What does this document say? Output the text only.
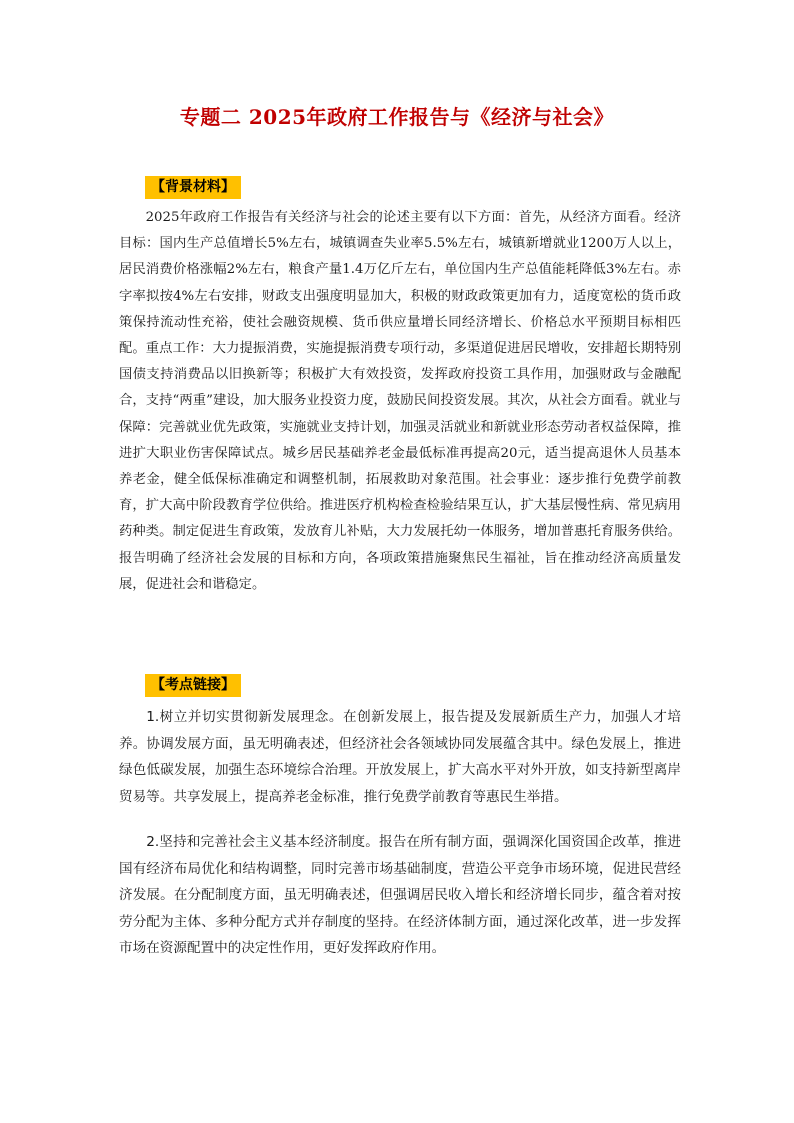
专题二 2025年政府工作报告与《经济与社会》
【背景材料】

2025年政府工作报告有关经济与社会的论述主要有以下方面：首先，从经济方面看。经济目标：国内生产总值增长5%左右，城镇调查失业率5.5%左右，城镇新增就业1200万人以上，居民消费价格涨幅2%左右，粮食产量1.4万亿斤左右，单位国内生产总值能耗降低3%左右。赤字率拟按4%左右安排，财政支出强度明显加大，积极的财政政策更加有力，适度宽松的货币政策保持流动性充裕，使社会融资规模、货币供应量增长同经济增长、价格总水平预期目标相匹配。重点工作：大力提振消费，实施提振消费专项行动，多渠道促进居民增收，安排超长期特别国债支持消费品以旧换新等；积极扩大有效投资，发挥政府投资工具作用，加强财政与金融配合，支持“两重”建设，加大服务业投资力度，鼓励民间投资发展。其次，从社会方面看。就业与保障：完善就业优先政策，实施就业支持计划，加强灵活就业和新就业形态劳动者权益保障，推进扩大职业伤害保障试点。城乡居民基础养老金最低标准再提高20元，适当提高退休人员基本养老金，健全低保标准确定和调整机制，拓展救助对象范围。社会事业：逐步推行免费学前教育，扩大高中阶段教育学位供给。推进医疗机构检查检验结果互认，扩大基层慢性病、常见病用药种类。制定促进生育政策，发放育儿补贴，大力发展托幼一体服务，增加普惠托育服务供给。报告明确了经济社会发展的目标和方向，各项政策措施聚焦民生福祉，旨在推动经济高质量发展，促进社会和谐稳定。

【考点链接】

1.树立并切实贯彻新发展理念。在创新发展上，报告提及发展新质生产力，加强人才培养。协调发展方面，虽无明确表述，但经济社会各领域协同发展蕴含其中。绿色发展上，推进绿色低碳发展，加强生态环境综合治理。开放发展上，扩大高水平对外开放，如支持新型离岸贸易等。共享发展上，提高养老金标准，推行免费学前教育等惠民生举措。

2.坚持和完善社会主义基本经济制度。报告在所有制方面，强调深化国资国企改革，推进国有经济布局优化和结构调整，同时完善市场基础制度，营造公平竞争市场环境，促进民营经济发展。在分配制度方面，虽无明确表述，但强调居民收入增长和经济增长同步，蕴含着对按劳分配为主体、多种分配方式并存制度的坚持。在经济体制方面，通过深化改革，进一步发挥市场在资源配置中的决定性作用，更好发挥政府作用。
